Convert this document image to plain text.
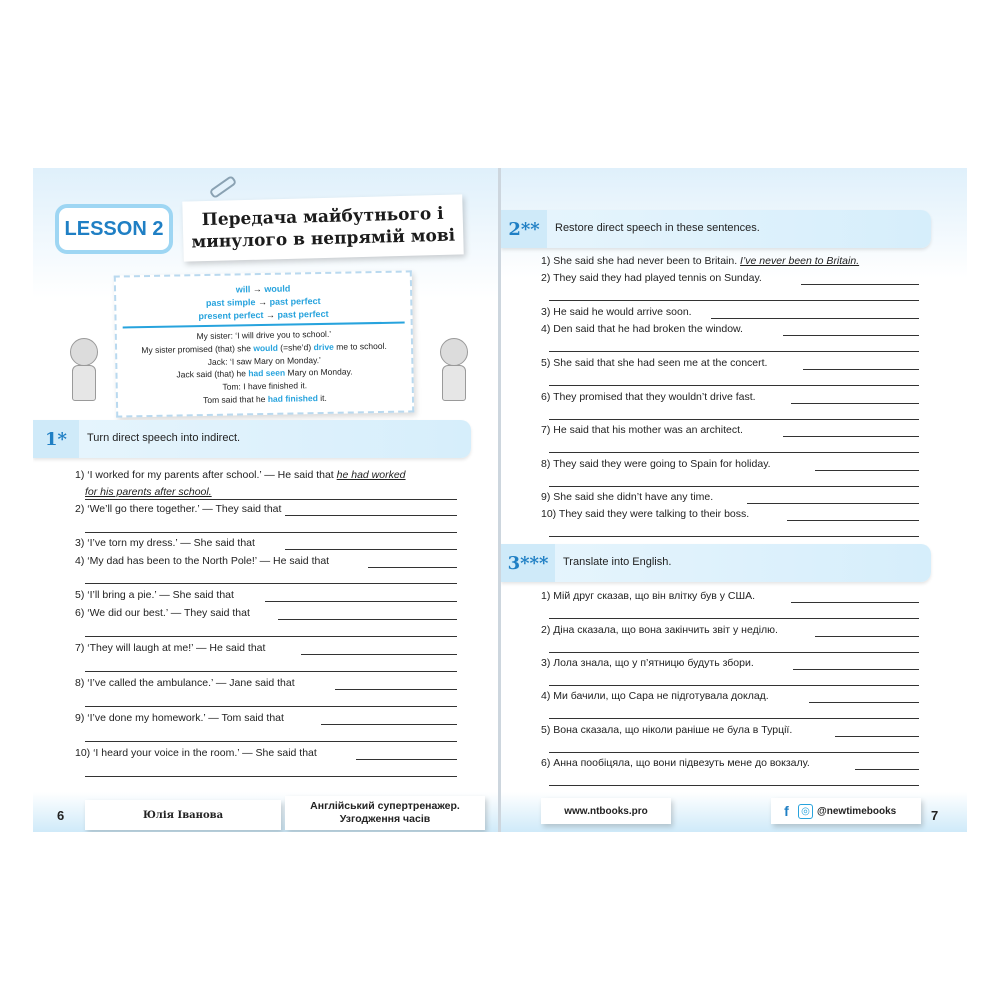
LESSON 2	Передача майбутнього і
минулого в непрямій мові
will → would
past simple → past perfect
present perfect → past perfect
My sister: ‘I will drive you to school.’
My sister promised (that) she would (=she’d) drive me to school.
Jack: ‘I saw Mary on Monday.’
Jack said (that) he had seen Mary on Monday.
Tom: I have finished it.
Tom said that he had finished it.
1*	Turn direct speech into indirect.
1) ‘I worked for my parents after school.’ — He said that he had worked
for his parents after school.
2) ‘We’ll go there together.’ — They said that
3) ‘I’ve torn my dress.’ — She said that
4) ‘My dad has been to the North Pole!’ — He said that
5) ‘I’ll bring a pie.’ — She said that
6) ‘We did our best.’ — They said that
7) ‘They will laugh at me!’ — He said that
8) ‘I’ve called the ambulance.’ — Jane said that
9) ‘I’ve done my homework.’ — Tom said that
10) ‘I heard your voice in the room.’ — She said that
6	Юлія Іванова
Англійський супертренажер.
Узгодження часів
2**	Restore direct speech in these sentences.
1) She said she had never been to Britain. I’ve never been to Britain.
2) They said they had played tennis on Sunday.
3) He said he would arrive soon.
4) Den said that he had broken the window.
5) She said that she had seen me at the concert.
6) They promised that they wouldn’t drive fast.
7) He said that his mother was an architect.
8) They said they were going to Spain for holiday.
9) She said she didn’t have any time.
10) They said they were talking to their boss.
3***	Translate into English.
1) Мій друг сказав, що він влітку був у США.
2) Діна сказала, що вона закінчить звіт у неділю.
3) Лола знала, що у п’ятницю будуть збори.
4) Ми бачили, що Сара не підготувала доклад.
5) Вона сказала, що ніколи раніше не була в Турції.
6) Анна пообіцяла, що вони підвезуть мене до вокзалу.
www.ntbooks.pro	f	◎ @newtimebooks	7
